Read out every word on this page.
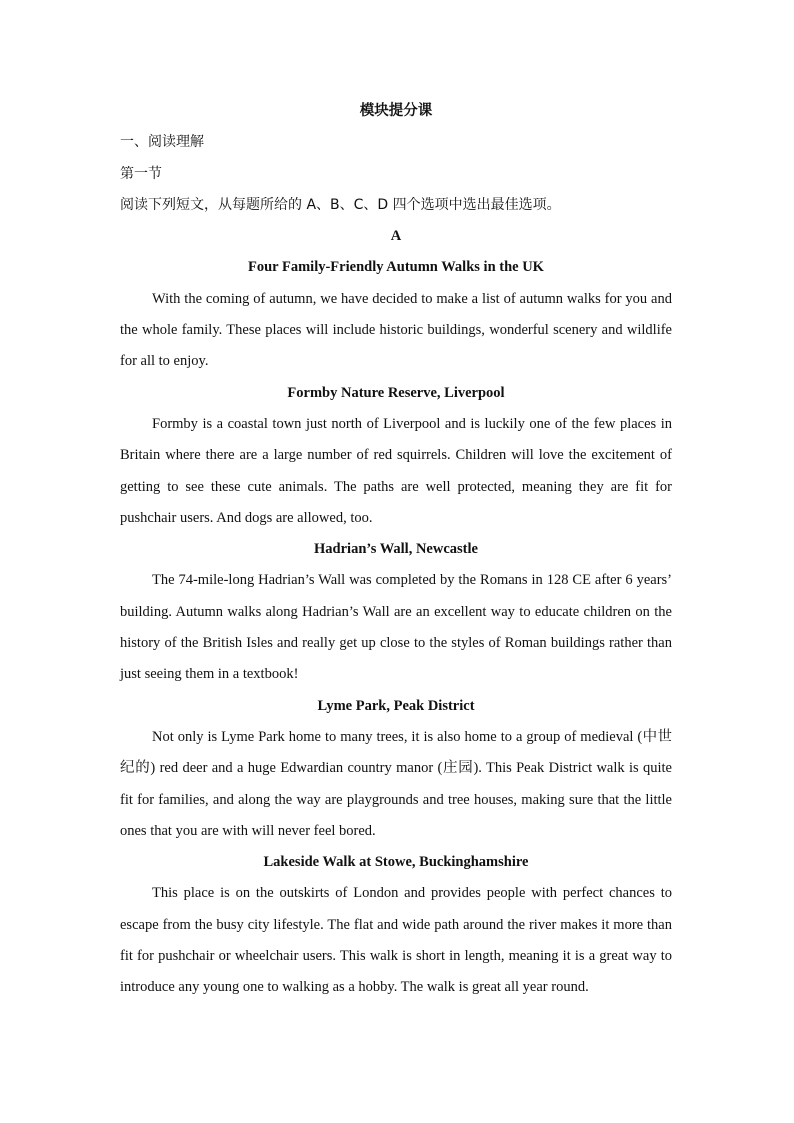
模块提分课
一、阅读理解
第一节
阅读下列短文，从每题所给的 A、B、C、D 四个选项中选出最佳选项。
A
Four Family-Friendly Autumn Walks in the UK

With the coming of autumn, we have decided to make a list of autumn walks for you and the whole family. These places will include historic buildings, wonderful scenery and wildlife for all to enjoy.

Formby Nature Reserve, Liverpool

Formby is a coastal town just north of Liverpool and is luckily one of the few places in Britain where there are a large number of red squirrels. Children will love the excitement of getting to see these cute animals. The paths are well protected, meaning they are fit for pushchair users. And dogs are allowed, too.

Hadrian’s Wall, Newcastle

The 74-mile-long Hadrian’s Wall was completed by the Romans in 128 CE after 6 years’ building. Autumn walks along Hadrian’s Wall are an excellent way to educate children on the history of the British Isles and really get up close to the styles of Roman buildings rather than just seeing them in a textbook!

Lyme Park, Peak District

Not only is Lyme Park home to many trees, it is also home to a group of medieval (中世纪的) red deer and a huge Edwardian country manor (庄园). This Peak District walk is quite fit for families, and along the way are playgrounds and tree houses, making sure that the little ones that you are with will never feel bored.

Lakeside Walk at Stowe, Buckinghamshire

This place is on the outskirts of London and provides people with perfect chances to escape from the busy city lifestyle. The flat and wide path around the river makes it more than fit for pushchair or wheelchair users. This walk is short in length, meaning it is a great way to introduce any young one to walking as a hobby. The walk is great all year round.
